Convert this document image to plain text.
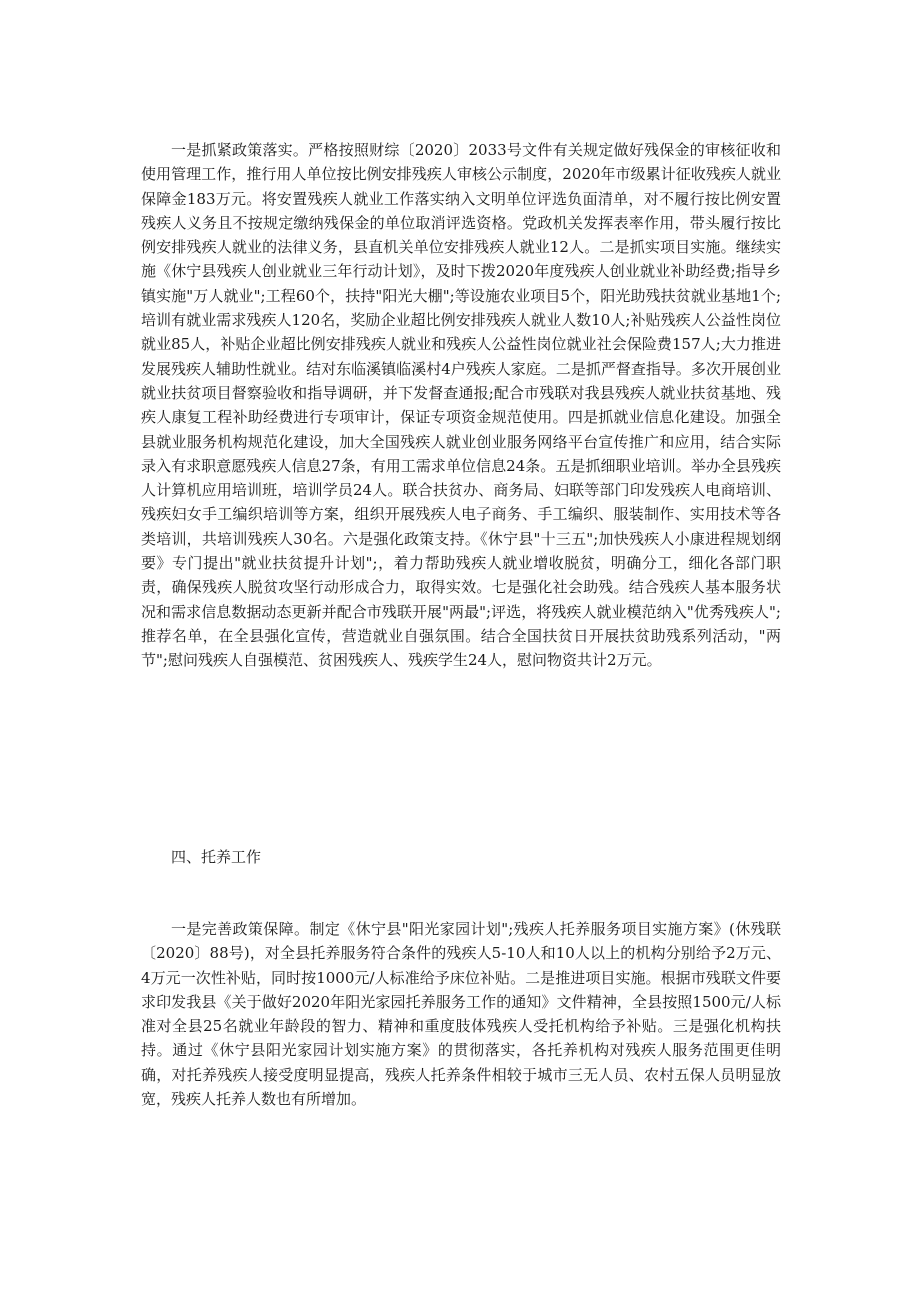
一是抓紧政策落实。严格按照财综〔2020〕2033号文件有关规定做好残保金的审核征收和使用管理工作，推行用人单位按比例安排残疾人审核公示制度，2020年市级累计征收残疾人就业保障金183万元。将安置残疾人就业工作落实纳入文明单位评选负面清单，对不履行按比例安置残疾人义务且不按规定缴纳残保金的单位取消评选资格。党政机关发挥表率作用，带头履行按比例安排残疾人就业的法律义务，县直机关单位安排残疾人就业12人。二是抓实项目实施。继续实施《休宁县残疾人创业就业三年行动计划》，及时下拨2020年度残疾人创业就业补助经费;指导乡镇实施"万人就业";工程60个，扶持"阳光大棚";等设施农业项目5个，阳光助残扶贫就业基地1个;培训有就业需求残疾人120名，奖励企业超比例安排残疾人就业人数10人;补贴残疾人公益性岗位就业85人，补贴企业超比例安排残疾人就业和残疾人公益性岗位就业社会保险费157人;大力推进发展残疾人辅助性就业。结对东临溪镇临溪村4户残疾人家庭。二是抓严督查指导。多次开展创业就业扶贫项目督察验收和指导调研，并下发督查通报;配合市残联对我县残疾人就业扶贫基地、残疾人康复工程补助经费进行专项审计，保证专项资金规范使用。四是抓就业信息化建设。加强全县就业服务机构规范化建设，加大全国残疾人就业创业服务网络平台宣传推广和应用，结合实际录入有求职意愿残疾人信息27条，有用工需求单位信息24条。五是抓细职业培训。举办全县残疾人计算机应用培训班，培训学员24人。联合扶贫办、商务局、妇联等部门印发残疾人电商培训、残疾妇女手工编织培训等方案，组织开展残疾人电子商务、手工编织、服装制作、实用技术等各类培训，共培训残疾人30名。六是强化政策支持。《休宁县"十三五";加快残疾人小康进程规划纲要》专门提出"就业扶贫提升计划";，着力帮助残疾人就业增收脱贫，明确分工，细化各部门职责，确保残疾人脱贫攻坚行动形成合力，取得实效。七是强化社会助残。结合残疾人基本服务状况和需求信息数据动态更新并配合市残联开展"两最";评选，将残疾人就业模范纳入"优秀残疾人";推荐名单，在全县强化宣传，营造就业自强氛围。结合全国扶贫日开展扶贫助残系列活动，"两节";慰问残疾人自强模范、贫困残疾人、残疾学生24人，慰问物资共计2万元。

四、托养工作

一是完善政策保障。制定《休宁县"阳光家园计划";残疾人托养服务项目实施方案》(休残联〔2020〕88号)，对全县托养服务符合条件的残疾人5-10人和10人以上的机构分别给予2万元、4万元一次性补贴，同时按1000元/人标准给予床位补贴。二是推进项目实施。根据市残联文件要求印发我县《关于做好2020年阳光家园托养服务工作的通知》文件精神，全县按照1500元/人标准对全县25名就业年龄段的智力、精神和重度肢体残疾人受托机构给予补贴。三是强化机构扶持。通过《休宁县阳光家园计划实施方案》的贯彻落实，各托养机构对残疾人服务范围更佳明确，对托养残疾人接受度明显提高，残疾人托养条件相较于城市三无人员、农村五保人员明显放宽，残疾人托养人数也有所增加。
